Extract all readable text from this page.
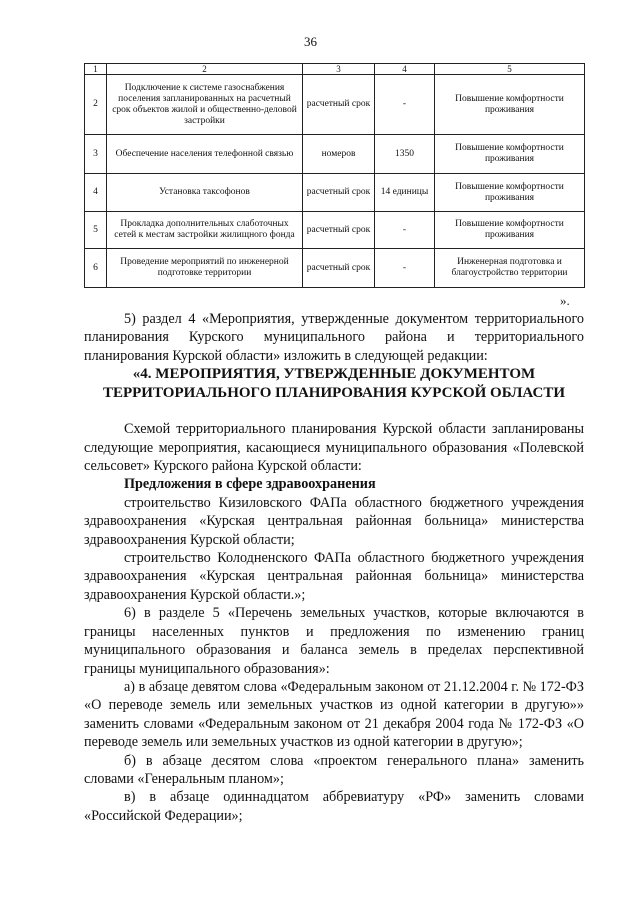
36
1	2	3	4	5
2	Подключение к системе газоснабжения поселения запланированных на расчетный срок объектов жилой и общественно-деловой застройки	расчетный срок	-	Повышение комфортности проживания
3	Обеспечение населения телефонной связью	номеров	1350	Повышение комфортности проживания
4	Установка таксофонов	расчетный срок	14 единицы	Повышение комфортности проживания
5	Прокладка дополнительных слаботочных сетей к местам застройки жилищного фонда	расчетный срок	-	Повышение комфортности проживания
6	Проведение мероприятий по инженерной подготовке территории	расчетный срок	-	Инженерная подготовка и благоустройство территории
».

5) раздел 4 «Мероприятия, утвержденные документом территориального планирования Курского муниципального района и территориального планирования Курской области» изложить в следующей редакции:

«4. МЕРОПРИЯТИЯ, УТВЕРЖДЕННЫЕ ДОКУМЕНТОМ ТЕРРИТОРИАЛЬНОГО ПЛАНИРОВАНИЯ КУРСКОЙ ОБЛАСТИ

Схемой территориального планирования Курской области запланированы следующие мероприятия, касающиеся муниципального образования «Полевской сельсовет» Курского района Курской области:

Предложения в сфере здравоохранения

строительство Кизиловского ФАПа областного бюджетного учреждения здравоохранения «Курская центральная районная больница» министерства здравоохранения Курской области;

строительство Колодненского ФАПа областного бюджетного учреждения здравоохранения «Курская центральная районная больница» министерства здравоохранения Курской области.»;

6) в разделе 5 «Перечень земельных участков, которые включаются в границы населенных пунктов и предложения по изменению границ муниципального образования и баланса земель в пределах перспективной границы муниципального образования»:

а) в абзаце девятом слова «Федеральным законом от 21.12.2004 г. № 172-ФЗ «О переводе земель или земельных участков из одной категории в другую»» заменить словами «Федеральным законом от 21 декабря 2004 года № 172-ФЗ «О переводе земель или земельных участков из одной категории в другую»;

б) в абзаце десятом слова «проектом генерального плана» заменить словами «Генеральным планом»;

в) в абзаце одиннадцатом аббревиатуру «РФ» заменить словами «Российской Федерации»;
